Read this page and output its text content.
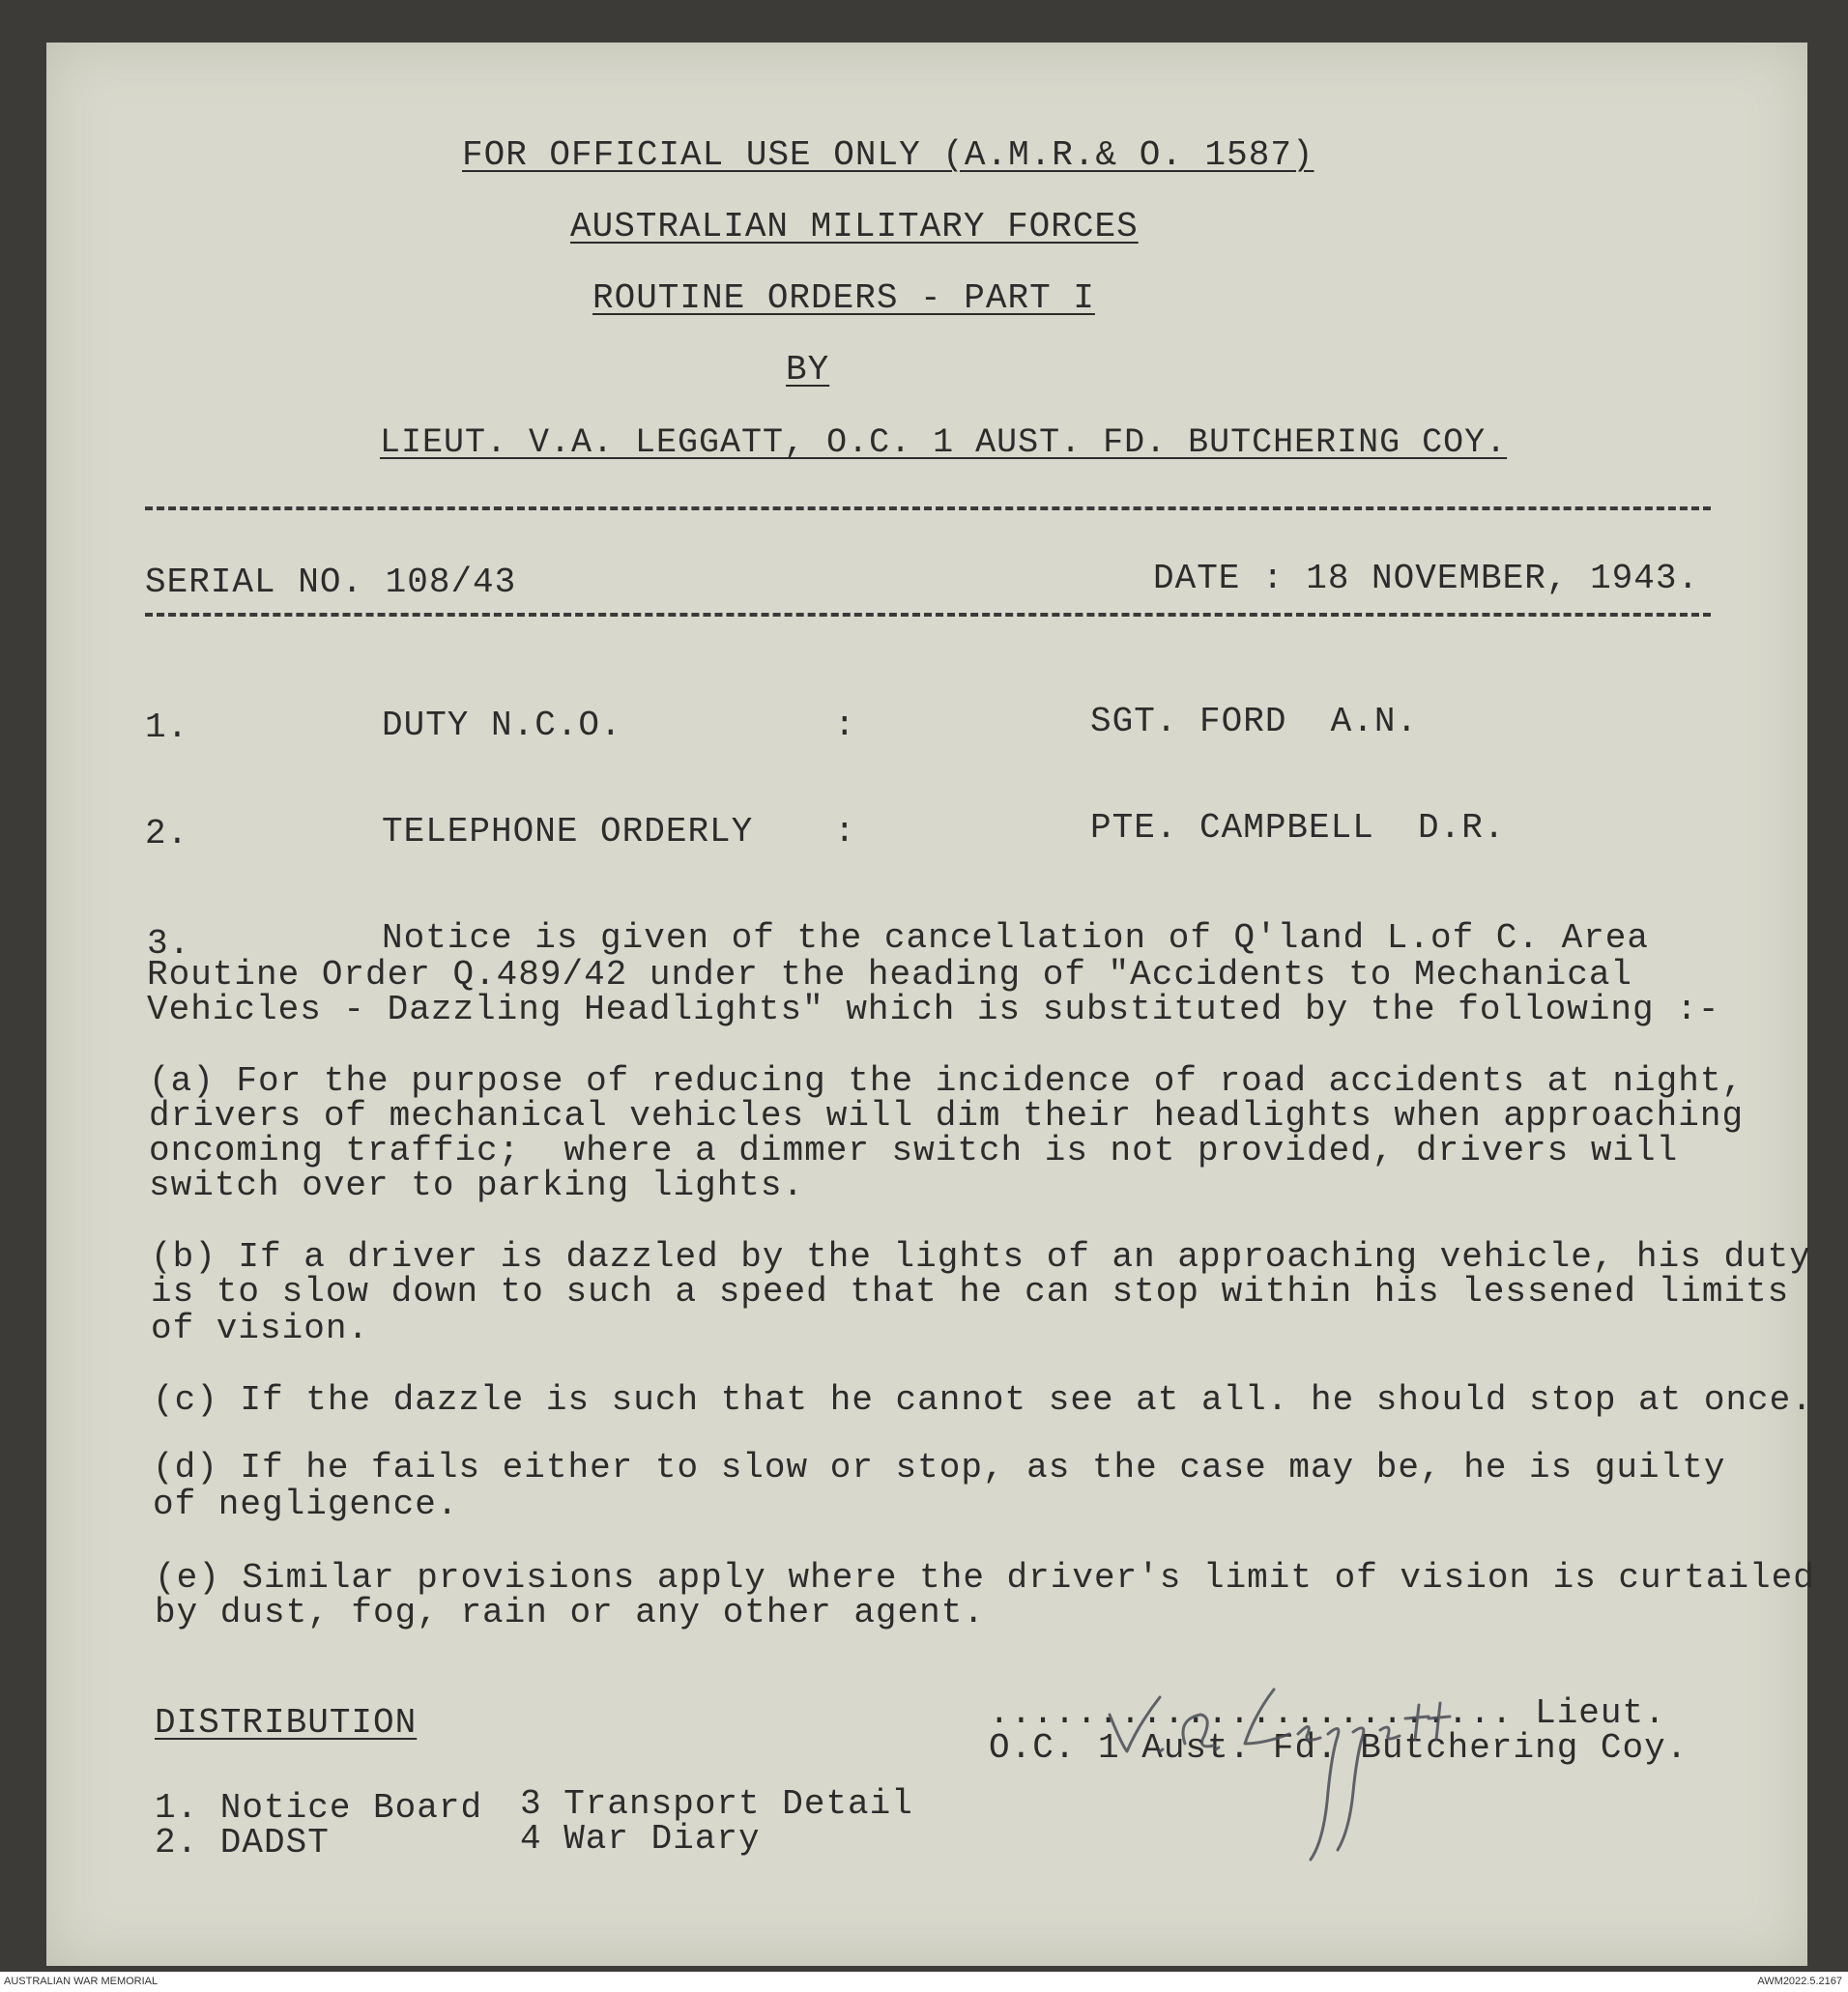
FOR OFFICIAL USE ONLY (A.M.R.& O. 1587)
AUSTRALIAN MILITARY FORCES
ROUTINE ORDERS - PART I
BY
LIEUT. V.A. LEGGATT, O.C. 1 AUST. FD. BUTCHERING COY.
SERIAL NO. 108/43	DATE : 18 NOVEMBER, 1943.
1.	DUTY N.C.O.	:	SGT. FORD  A.N.
2.	TELEPHONE ORDERLY :	PTE. CAMPBELL  D.R.
3.	Notice is given of the cancellation of Q'land L.of C. Area
Routine Order Q.489/42 under the heading of "Accidents to Mechanical
Vehicles - Dazzling Headlights" which is substituted by the following :-
(a) For the purpose of reducing the incidence of road accidents at night,
drivers of mechanical vehicles will dim their headlights when approaching
oncoming traffic;  where a dimmer switch is not provided, drivers will
switch over to parking lights.
(b) If a driver is dazzled by the lights of an approaching vehicle, his duty
is to slow down to such a speed that he can stop within his lessened limits
of vision.
(c) If the dazzle is such that he cannot see at all. he should stop at once.
(d) If he fails either to slow or stop, as the case may be, he is guilty
of negligence.
(e) Similar provisions apply where the driver's limit of vision is curtailed
by dust, fog, rain or any other agent.
DISTRIBUTION
1. Notice Board
2. DADST
3 Transport Detail
4 War Diary
........................ Lieut.
O.C. 1 Aust. Fd. Butchering Coy.
AUSTRALIAN WAR MEMORIAL	AWM2022.5.2167
